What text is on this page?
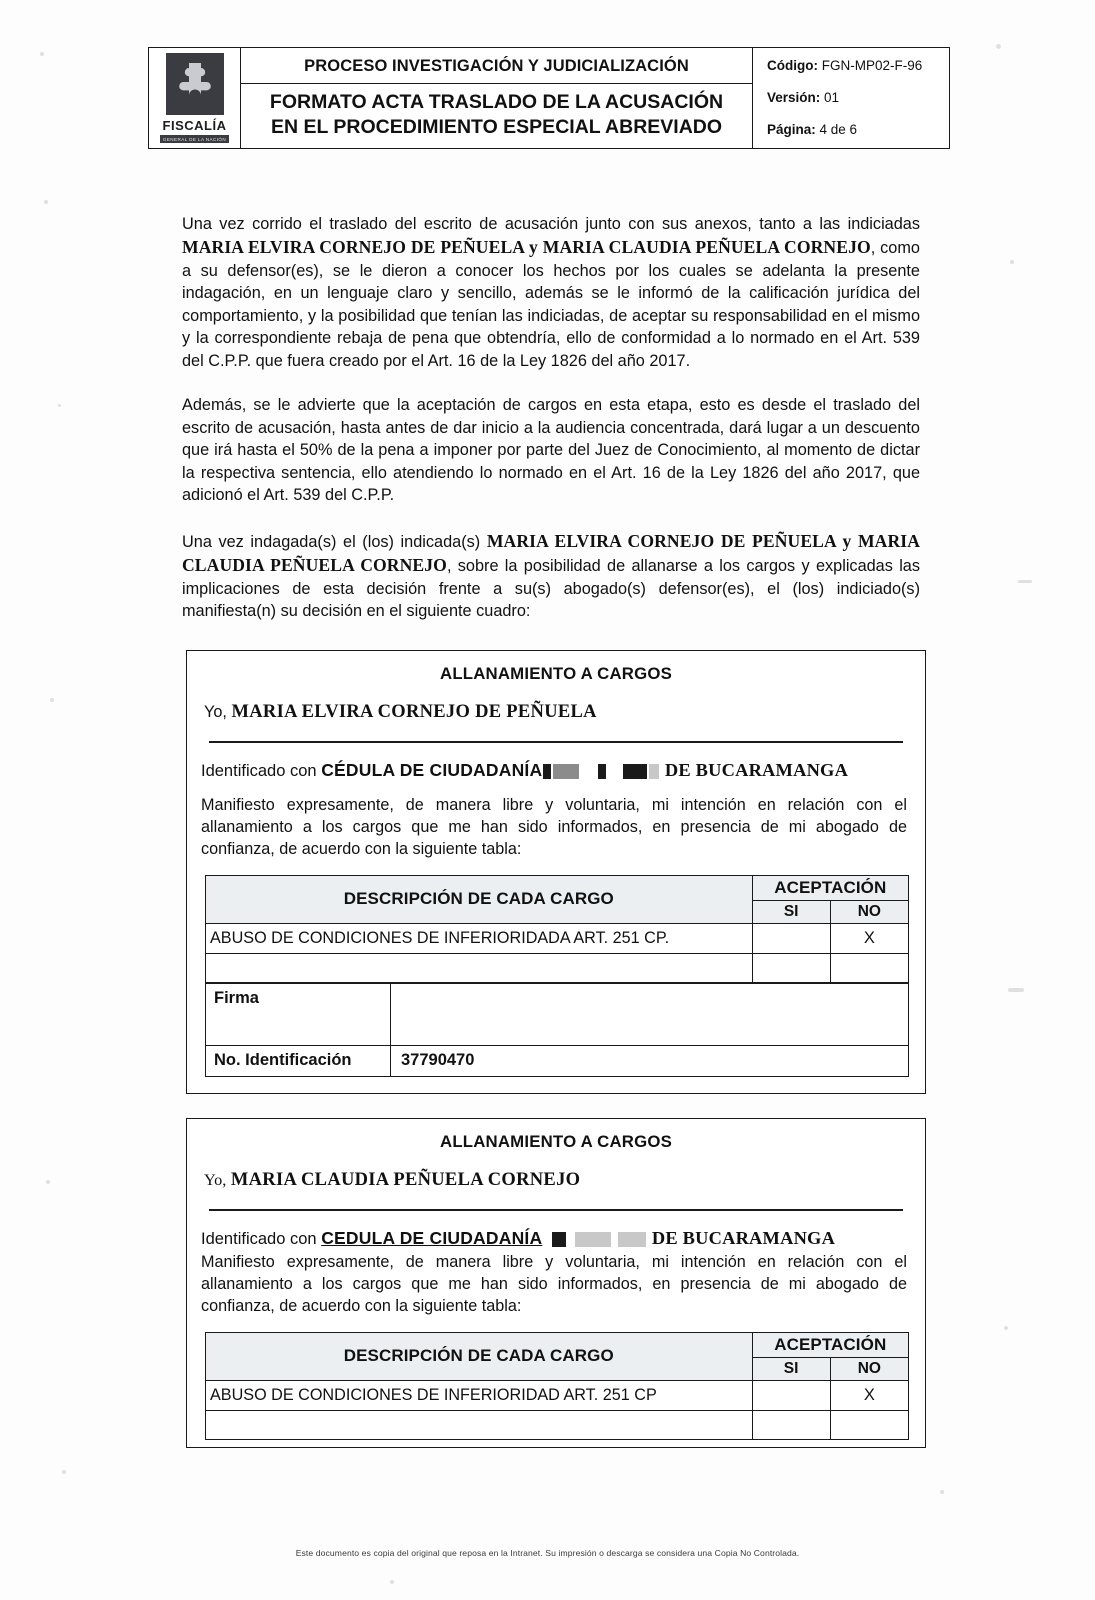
FISCALÍA
GENERAL DE LA NACIÓN
PROCESO INVESTIGACIÓN Y JUDICIALIZACIÓN
FORMATO ACTA TRASLADO DE LA ACUSACIÓN
EN EL PROCEDIMIENTO ESPECIAL ABREVIADO
Código: FGN-MP02-F-96
Versión: 01
Página: 4 de 6

Una vez corrido el traslado del escrito de acusación junto con sus anexos, tanto a las indiciadas MARIA ELVIRA CORNEJO DE PEÑUELA y MARIA CLAUDIA PEÑUELA CORNEJO, como a su defensor(es), se le dieron a conocer los hechos por los cuales se adelanta la presente indagación, en un lenguaje claro y sencillo, además se le informó de la calificación jurídica del comportamiento, y la posibilidad que tenían las indiciadas, de aceptar su responsabilidad en el mismo y la correspondiente rebaja de pena que obtendría, ello de conformidad a lo normado en el Art. 539 del C.P.P. que fuera creado por el Art. 16 de la Ley 1826 del año 2017.

Además, se le advierte que la aceptación de cargos en esta etapa, esto es desde el traslado del escrito de acusación, hasta antes de dar inicio a la audiencia concentrada, dará lugar a un descuento que irá hasta el 50% de la pena a imponer por parte del Juez de Conocimiento, al momento de dictar la respectiva sentencia, ello atendiendo lo normado en el Art. 16 de la Ley 1826 del año 2017, que adicionó el Art. 539 del C.P.P.

Una vez indagada(s) el (los) indicada(s) MARIA ELVIRA CORNEJO DE PEÑUELA y MARIA CLAUDIA PEÑUELA CORNEJO, sobre la posibilidad de allanarse a los cargos y explicadas las implicaciones de esta decisión frente a su(s) abogado(s) defensor(es), el (los) indiciado(s) manifiesta(n) su decisión en el siguiente cuadro:

ALLANAMIENTO A CARGOS
Yo, MARIA ELVIRA CORNEJO DE PEÑUELA
Identificado con CÉDULA DE CIUDADANÍA	DE BUCARAMANGA
Manifiesto expresamente, de manera libre y voluntaria, mi intención en relación con el allanamiento a los cargos que me han sido informados, en presencia de mi abogado de confianza, de acuerdo con la siguiente tabla:
DESCRIPCIÓN DE CADA CARGO	ACEPTACIÓN	
	SI	NO
ABUSO DE CONDICIONES DE INFERIORIDADA ART. 251 CP.		X

Firma	
No. Identificación	37790470
ALLANAMIENTO A CARGOS
Yo, MARIA CLAUDIA PEÑUELA CORNEJO
Identificado con CEDULA DE CIUDADANÍA	DE BUCARAMANGA
Manifiesto expresamente, de manera libre y voluntaria, mi intención en relación con el allanamiento a los cargos que me han sido informados, en presencia de mi abogado de confianza, de acuerdo con la siguiente tabla:
DESCRIPCIÓN DE CADA CARGO	ACEPTACIÓN	
	SI	NO
ABUSO DE CONDICIONES DE INFERIORIDAD ART. 251 CP		X

Este documento es copia del original que reposa en la Intranet. Su impresión o descarga se considera una Copia No Controlada.
